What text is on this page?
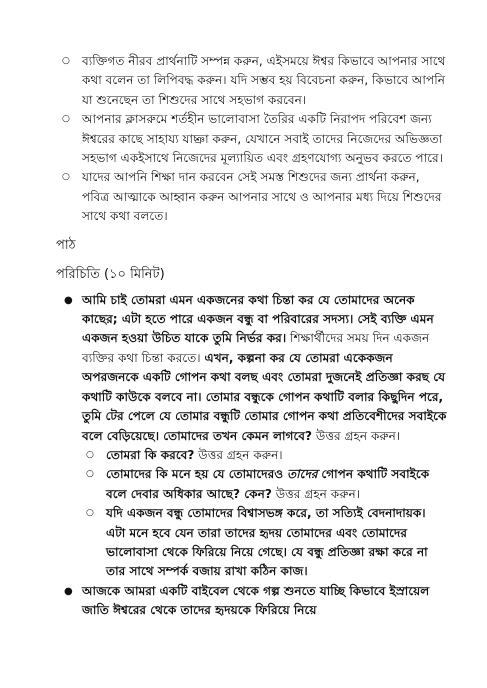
○ ব্যক্তিগত নীরব প্রার্থনাটি সম্পন্ন করুন, এইসময়ে ঈশ্বর কিভাবে আপনার সাথে কথা বলেন তা লিপিবদ্ধ করুন। যদি সম্ভব হয় বিবেচনা করুন, কিভাবে আপনি যা শুনেছেন তা শিশুদের সাথে সহভাগ করবেন।
○ আপনার ক্লাসরুমে শর্তহীন ভালোবাসা তৈরির একটি নিরাপদ পরিবেশ জন্য ঈশ্বরের কাছে সাহায্য যাচ্ঞা করুন, যেখানে সবাই তাদের নিজেদের অভিজ্ঞতা সহভাগ একইসাথে নিজেদের মূল্যায়িত এবং গ্রহণযোগ্য অনুভব করতে পারে।
○ যাদের আপনি শিক্ষা দান করবেন সেই সমস্ত শিশুদের জন্য প্রার্থনা করুন, পবিত্র আত্মাকে আহ্বান করুন আপনার সাথে ও আপনার মধ্য দিয়ে শিশুদের সাথে কথা বলতে।
পাঠ
পরিচিতি (১০ মিনিট)
● আমি চাই তোমরা এমন একজনের কথা চিন্তা কর যে তোমাদের অনেক কাছের; এটা হতে পারে একজন বন্ধু বা পরিবারের সদস্য। সেই ব্যক্তি এমন একজন হওয়া উচিত যাকে তুমি নির্ভর কর। শিক্ষার্থীদের সময় দিন একজন ব্যক্তির কথা চিন্তা করতে। এখন, কল্পনা কর যে তোমরা একেকজন অপরজনকে একটি গোপন কথা বলছ এবং তোমরা দুজনেই প্রতিজ্ঞা করছ যে কথাটি কাউকে বলবে না। তোমার বন্ধুকে গোপন কথাটি বলার কিছুদিন পরে, তুমি টের পেলে যে তোমার বন্ধুটি তোমার গোপন কথা প্রতিবেশীদের সবাইকে বলে বেড়িয়েছে। তোমাদের তখন কেমন লাগবে? উত্তর গ্রহন করুন।
○ তোমরা কি করবে? উত্তর গ্রহন করুন।
○ তোমাদের কি মনে হয় যে তোমাদেরও তাদের গোপন কথাটি সবাইকে বলে দেবার অধিকার আছে? কেন? উত্তর গ্রহন করুন।
○ যদি একজন বন্ধু তোমাদের বিশ্বাসভঙ্গ করে, তা সত্যিই বেদনাদায়ক। এটা মনে হবে যেন তারা তাদের হৃদয় তোমাদের এবং তোমাদের ভালোবাসা থেকে ফিরিয়ে নিয়ে গেছে। যে বন্ধু প্রতিজ্ঞা রক্ষা করে না তার সাথে সম্পর্ক বজায় রাখা কঠিন কাজ।
● আজকে আমরা একটি বাইবেল থেকে গল্প শুনতে যাচ্ছি কিভাবে ইস্রায়েল জাতি ঈশ্বরের থেকে তাদের হৃদয়কে ফিরিয়ে নিয়ে
